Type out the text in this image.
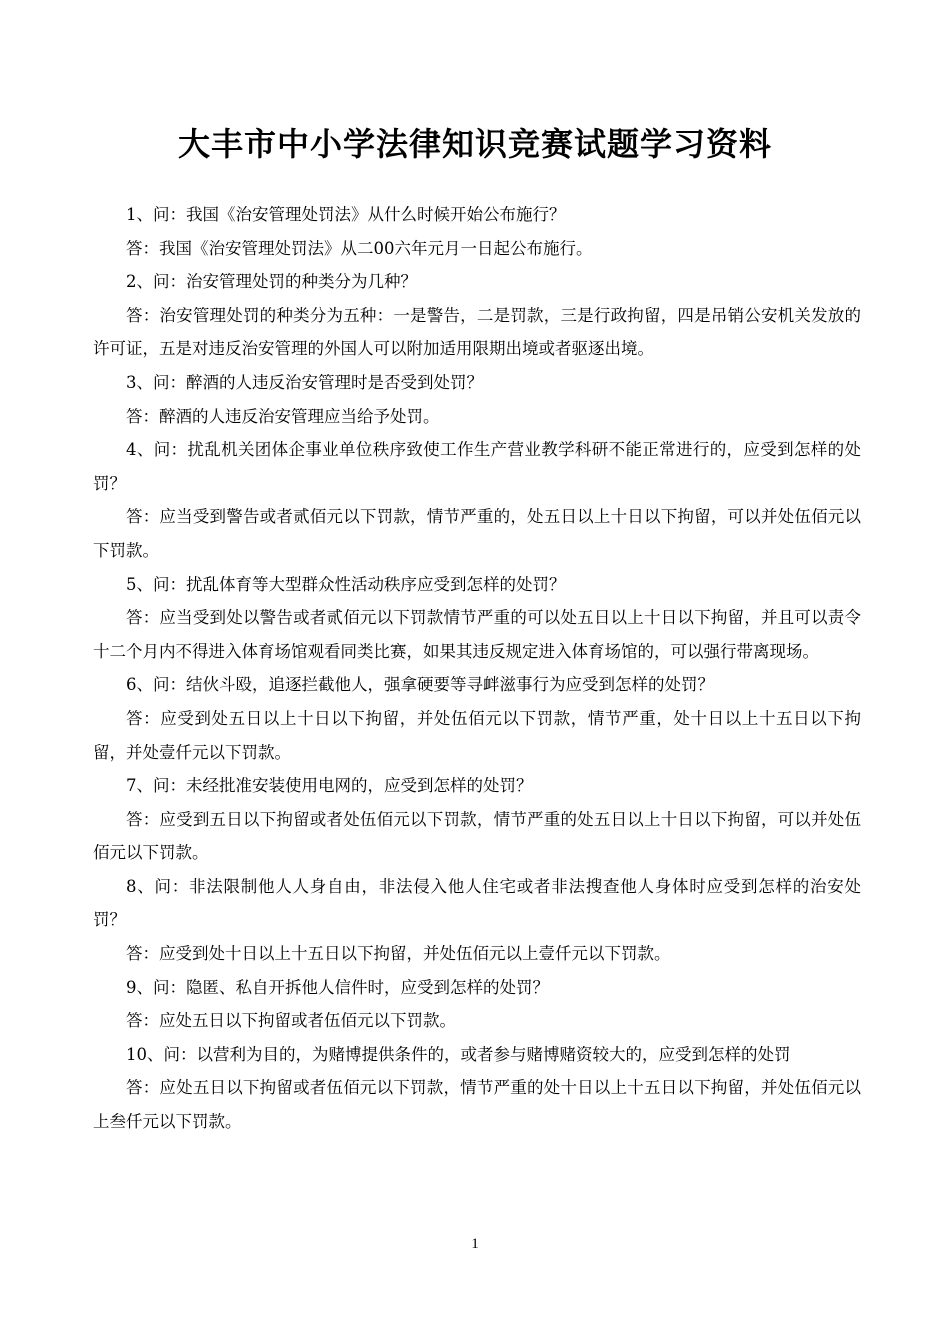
大丰市中小学法律知识竞赛试题学习资料

1、问：我国《治安管理处罚法》从什么时候开始公布施行？

答：我国《治安管理处罚法》从二00六年元月一日起公布施行。

2、问：治安管理处罚的种类分为几种？

答：治安管理处罚的种类分为五种：一是警告，二是罚款，三是行政拘留，四是吊销公安机关发放的许可证，五是对违反治安管理的外国人可以附加适用限期出境或者驱逐出境。

3、问：醉酒的人违反治安管理时是否受到处罚？

答：醉酒的人违反治安管理应当给予处罚。

4、问：扰乱机关团体企事业单位秩序致使工作生产营业教学科研不能正常进行的，应受到怎样的处罚？

答：应当受到警告或者贰佰元以下罚款，情节严重的，处五日以上十日以下拘留，可以并处伍佰元以下罚款。

5、问：扰乱体育等大型群众性活动秩序应受到怎样的处罚？

答：应当受到处以警告或者贰佰元以下罚款情节严重的可以处五日以上十日以下拘留，并且可以责令十二个月内不得进入体育场馆观看同类比赛，如果其违反规定进入体育场馆的，可以强行带离现场。

6、问：结伙斗殴，追逐拦截他人，强拿硬要等寻衅滋事行为应受到怎样的处罚？

答：应受到处五日以上十日以下拘留，并处伍佰元以下罚款，情节严重，处十日以上十五日以下拘留，并处壹仟元以下罚款。

7、问：未经批准安装使用电网的，应受到怎样的处罚？

答：应受到五日以下拘留或者处伍佰元以下罚款，情节严重的处五日以上十日以下拘留，可以并处伍佰元以下罚款。

8、问：非法限制他人人身自由，非法侵入他人住宅或者非法搜查他人身体时应受到怎样的治安处罚？

答：应受到处十日以上十五日以下拘留，并处伍佰元以上壹仟元以下罚款。

9、问：隐匿、私自开拆他人信件时，应受到怎样的处罚？

答：应处五日以下拘留或者伍佰元以下罚款。

10、问：以营利为目的，为赌博提供条件的，或者参与赌博赌资较大的，应受到怎样的处罚

答：应处五日以下拘留或者伍佰元以下罚款，情节严重的处十日以上十五日以下拘留，并处伍佰元以上叁仟元以下罚款。

1
